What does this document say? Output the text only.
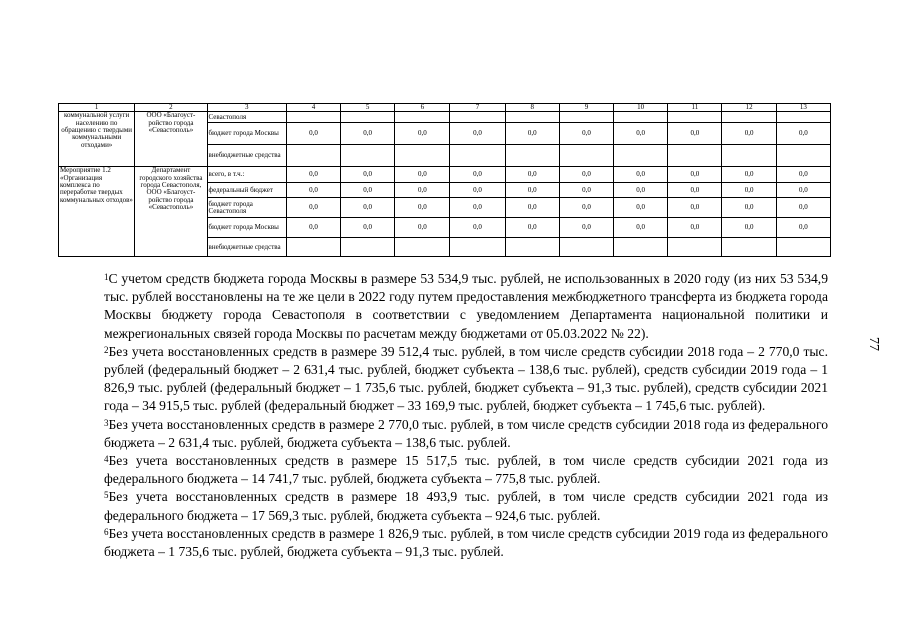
1	2	3	4	5	6	7	8	9	10	11	12	13
коммунальной услуги населению по обращению с твердыми коммунальными отходами»	ООО «Благоуст-ройство города «Севастополь»	Севастополя										
		бюджет города Москвы	0,0	0,0	0,0	0,0	0,0	0,0	0,0	0,0	0,0	0,0
		внебюджетные средства										
Мероприятие 1.2 «Организация комплекса по переработке твердых коммунальных отходов»	Департамент городского хозяйства города Севастополя, ООО «Благоуст-ройство города «Севастополь»	всего, в т.ч.:	0,0	0,0	0,0	0,0	0,0	0,0	0,0	0,0	0,0	0,0
		федеральный бюджет	0,0	0,0	0,0	0,0	0,0	0,0	0,0	0,0	0,0	0,0
		бюджет города Севастополя	0,0	0,0	0,0	0,0	0,0	0,0	0,0	0,0	0,0	0,0
		бюджет города Москвы	0,0	0,0	0,0	0,0	0,0	0,0	0,0	0,0	0,0	0,0
		внебюджетные средства										

$^1$С учетом средств бюджета города Москвы в размере 53 534,9 тыс. рублей, не использованных в 2020 году (из них 53 534,9 тыс. рублей восстановлены на те же цели в 2022 году путем предоставления межбюджетного трансферта из бюджета города Москвы бюджету города Севастополя в соответствии с уведомлением Департамента национальной политики и межрегиональных связей города Москвы по расчетам между бюджетами от 05.03.2022 № 22).

$^2$Без учета восстановленных средств в размере 39 512,4 тыс. рублей, в том числе средств субсидии 2018 года – 2 770,0 тыс. рублей (федеральный бюджет – 2 631,4 тыс. рублей, бюджет субъекта – 138,6 тыс. рублей), средств субсидии 2019 года – 1 826,9 тыс. рублей (федеральный бюджет – 1 735,6 тыс. рублей, бюджет субъекта – 91,3 тыс. рублей), средств субсидии 2021 года – 34 915,5 тыс. рублей (федеральный бюджет – 33 169,9 тыс. рублей, бюджет субъекта – 1 745,6 тыс. рублей).

$^3$Без учета восстановленных средств в размере 2 770,0 тыс. рублей, в том числе средств субсидии 2018 года из федерального бюджета – 2 631,4 тыс. рублей, бюджета субъекта – 138,6 тыс. рублей.

$^4$Без учета восстановленных средств в размере 15 517,5 тыс. рублей, в том числе средств субсидии 2021 года из федерального бюджета – 14 741,7 тыс. рублей, бюджета субъекта – 775,8 тыс. рублей.

$^5$Без учета восстановленных средств в размере 18 493,9 тыс. рублей, в том числе средств субсидии 2021 года из федерального бюджета – 17 569,3 тыс. рублей, бюджета субъекта – 924,6 тыс. рублей.

$^6$Без учета восстановленных средств в размере 1 826,9 тыс. рублей, в том числе средств субсидии 2019 года из федерального бюджета – 1 735,6 тыс. рублей, бюджета субъекта – 91,3 тыс. рублей.

77
